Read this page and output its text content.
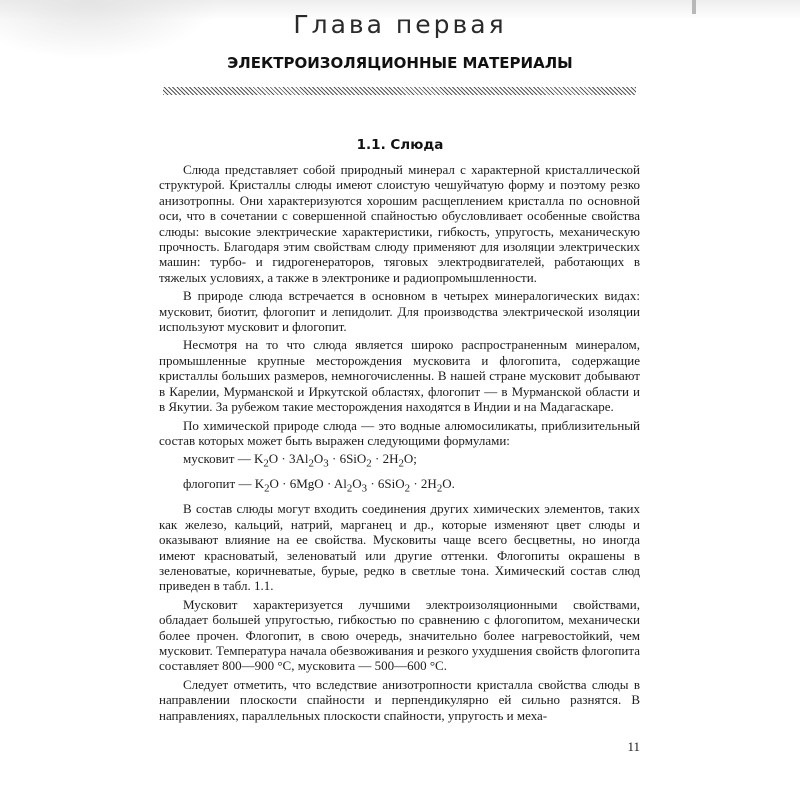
Глава первая
ЭЛЕКТРОИЗОЛЯЦИОННЫЕ МАТЕРИАЛЫ
1.1. Слюда

Слюда представляет собой природный минерал с характерной кристаллической структурой. Кристаллы слюды имеют слоистую чешуйчатую форму и поэтому резко анизотропны. Они характеризуются хорошим расщеплением кристалла по основной оси, что в сочетании с совершенной спайностью обусловливает особенные свойства слюды: высокие электрические характеристики, гибкость, упругость, механическую прочность. Благодаря этим свойствам слюду применяют для изоляции электрических машин: турбо- и гидрогенераторов, тяговых электродвигателей, работающих в тяжелых условиях, а также в электронике и радиопромышленности.

В природе слюда встречается в основном в четырех минералогических видах: мусковит, биотит, флогопит и лепидолит. Для производства электрической изоляции используют мусковит и флогопит.

Несмотря на то что слюда является широко распространенным минералом, промышленные крупные месторождения мусковита и флогопита, содержащие кристаллы больших размеров, немногочисленны. В нашей стране мусковит добывают в Карелии, Мурманской и Иркутской областях, флогопит — в Мурманской области и в Якутии. За рубежом такие месторождения находятся в Индии и на Мадагаскаре.

По химической природе слюда — это водные алюмосиликаты, приблизительный состав которых может быть выражен следующими формулами:

мусковит — $K_2O \cdot 3Al_2O_3 \cdot 6SiO_2 \cdot 2H_2O$;

флогопит — $K_2O \cdot 6MgO \cdot Al_2O_3 \cdot 6SiO_2 \cdot 2H_2O$.

В состав слюды могут входить соединения других химических элементов, таких как железо, кальций, натрий, марганец и др., которые изменяют цвет слюды и оказывают влияние на ее свойства. Мусковиты чаще всего бесцветны, но иногда имеют красноватый, зеленоватый или другие оттенки. Флогопиты окрашены в зеленоватые, коричневатые, бурые, редко в светлые тона. Химический состав слюд приведен в табл. 1.1.

Мусковит характеризуется лучшими электроизоляционными свойствами, обладает большей упругостью, гибкостью по сравнению с флогопитом, механически более прочен. Флогопит, в свою очередь, значительно более нагревостойкий, чем мусковит. Температура начала обезвоживания и резкого ухудшения свойств флогопита составляет 800—900 °С, мусковита — 500—600 °С.

Следует отметить, что вследствие анизотропности кристалла свойства слюды в направлении плоскости спайности и перпендикулярно ей сильно разнятся. В направлениях, параллельных плоскости спайности, упругость и меха-

11
